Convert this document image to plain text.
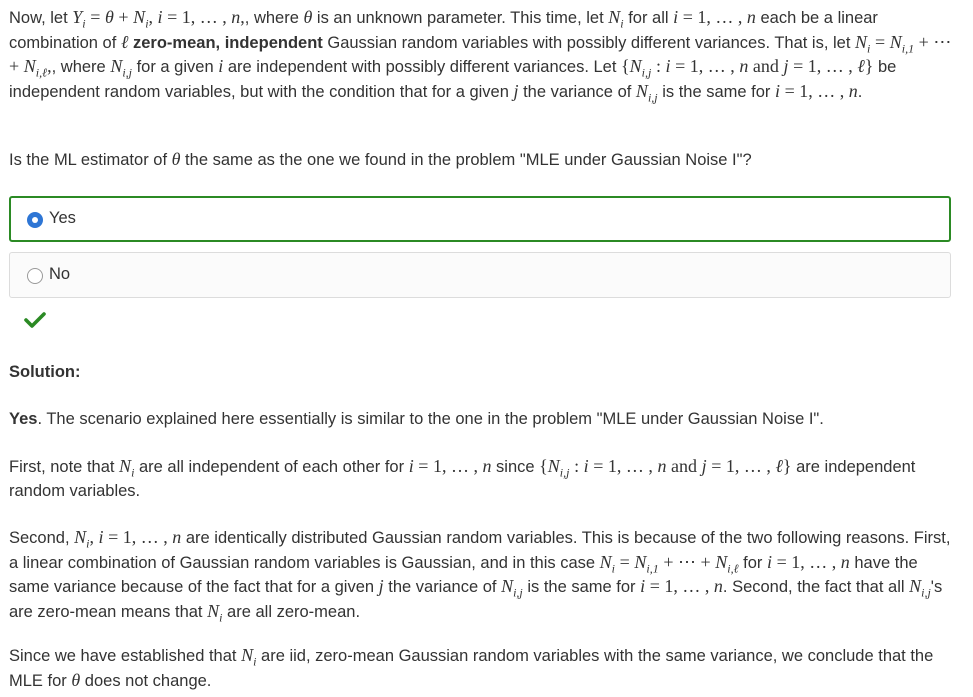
Now, let $Y_i = \theta + N_i$, i = 1, … , n,, where θ is an unknown parameter. This time, let $N_i$ for all i = 1, … , n each be a linear combination of ℓ zero-mean, independent Gaussian random variables with possibly different variances. That is, let $N_i = N_{i,1}$ + ⋯ + $N_{i,\ell}$,, where $N_{i,j}$ for a given i are independent with possibly different variances. Let {$N_{i,j}$ : i = 1, … , n and j = 1, … , ℓ} be independent random variables, but with the condition that for a given j the variance of $N_{i,j}$ is the same for i = 1, … , n.

Is the ML estimator of θ the same as the one we found in the problem "MLE under Gaussian Noise I"?

Yes
No

Solution:

Yes. The scenario explained here essentially is similar to the one in the problem "MLE under Gaussian Noise I".

First, note that $N_i$ are all independent of each other for i = 1, … , n since {$N_{i,j}$ : i = 1, … , n and j = 1, … , ℓ} are independent random variables.

Second, $N_i$, i = 1, … , n are identically distributed Gaussian random variables. This is because of the two following reasons. First, a linear combination of Gaussian random variables is Gaussian, and in this case $N_i = N_{i,1}$ + ⋯ + $N_{i,\ell}$ for i = 1, … , n have the same variance because of the fact that for a given j the variance of $N_{i,j}$ is the same for i = 1, … , n. Second, the fact that all $N_{i,j}'s$ are zero-mean means that $N_i$ are all zero-mean.

Since we have established that $N_i$ are iid, zero-mean Gaussian random variables with the same variance, we conclude that the MLE for θ does not change.
